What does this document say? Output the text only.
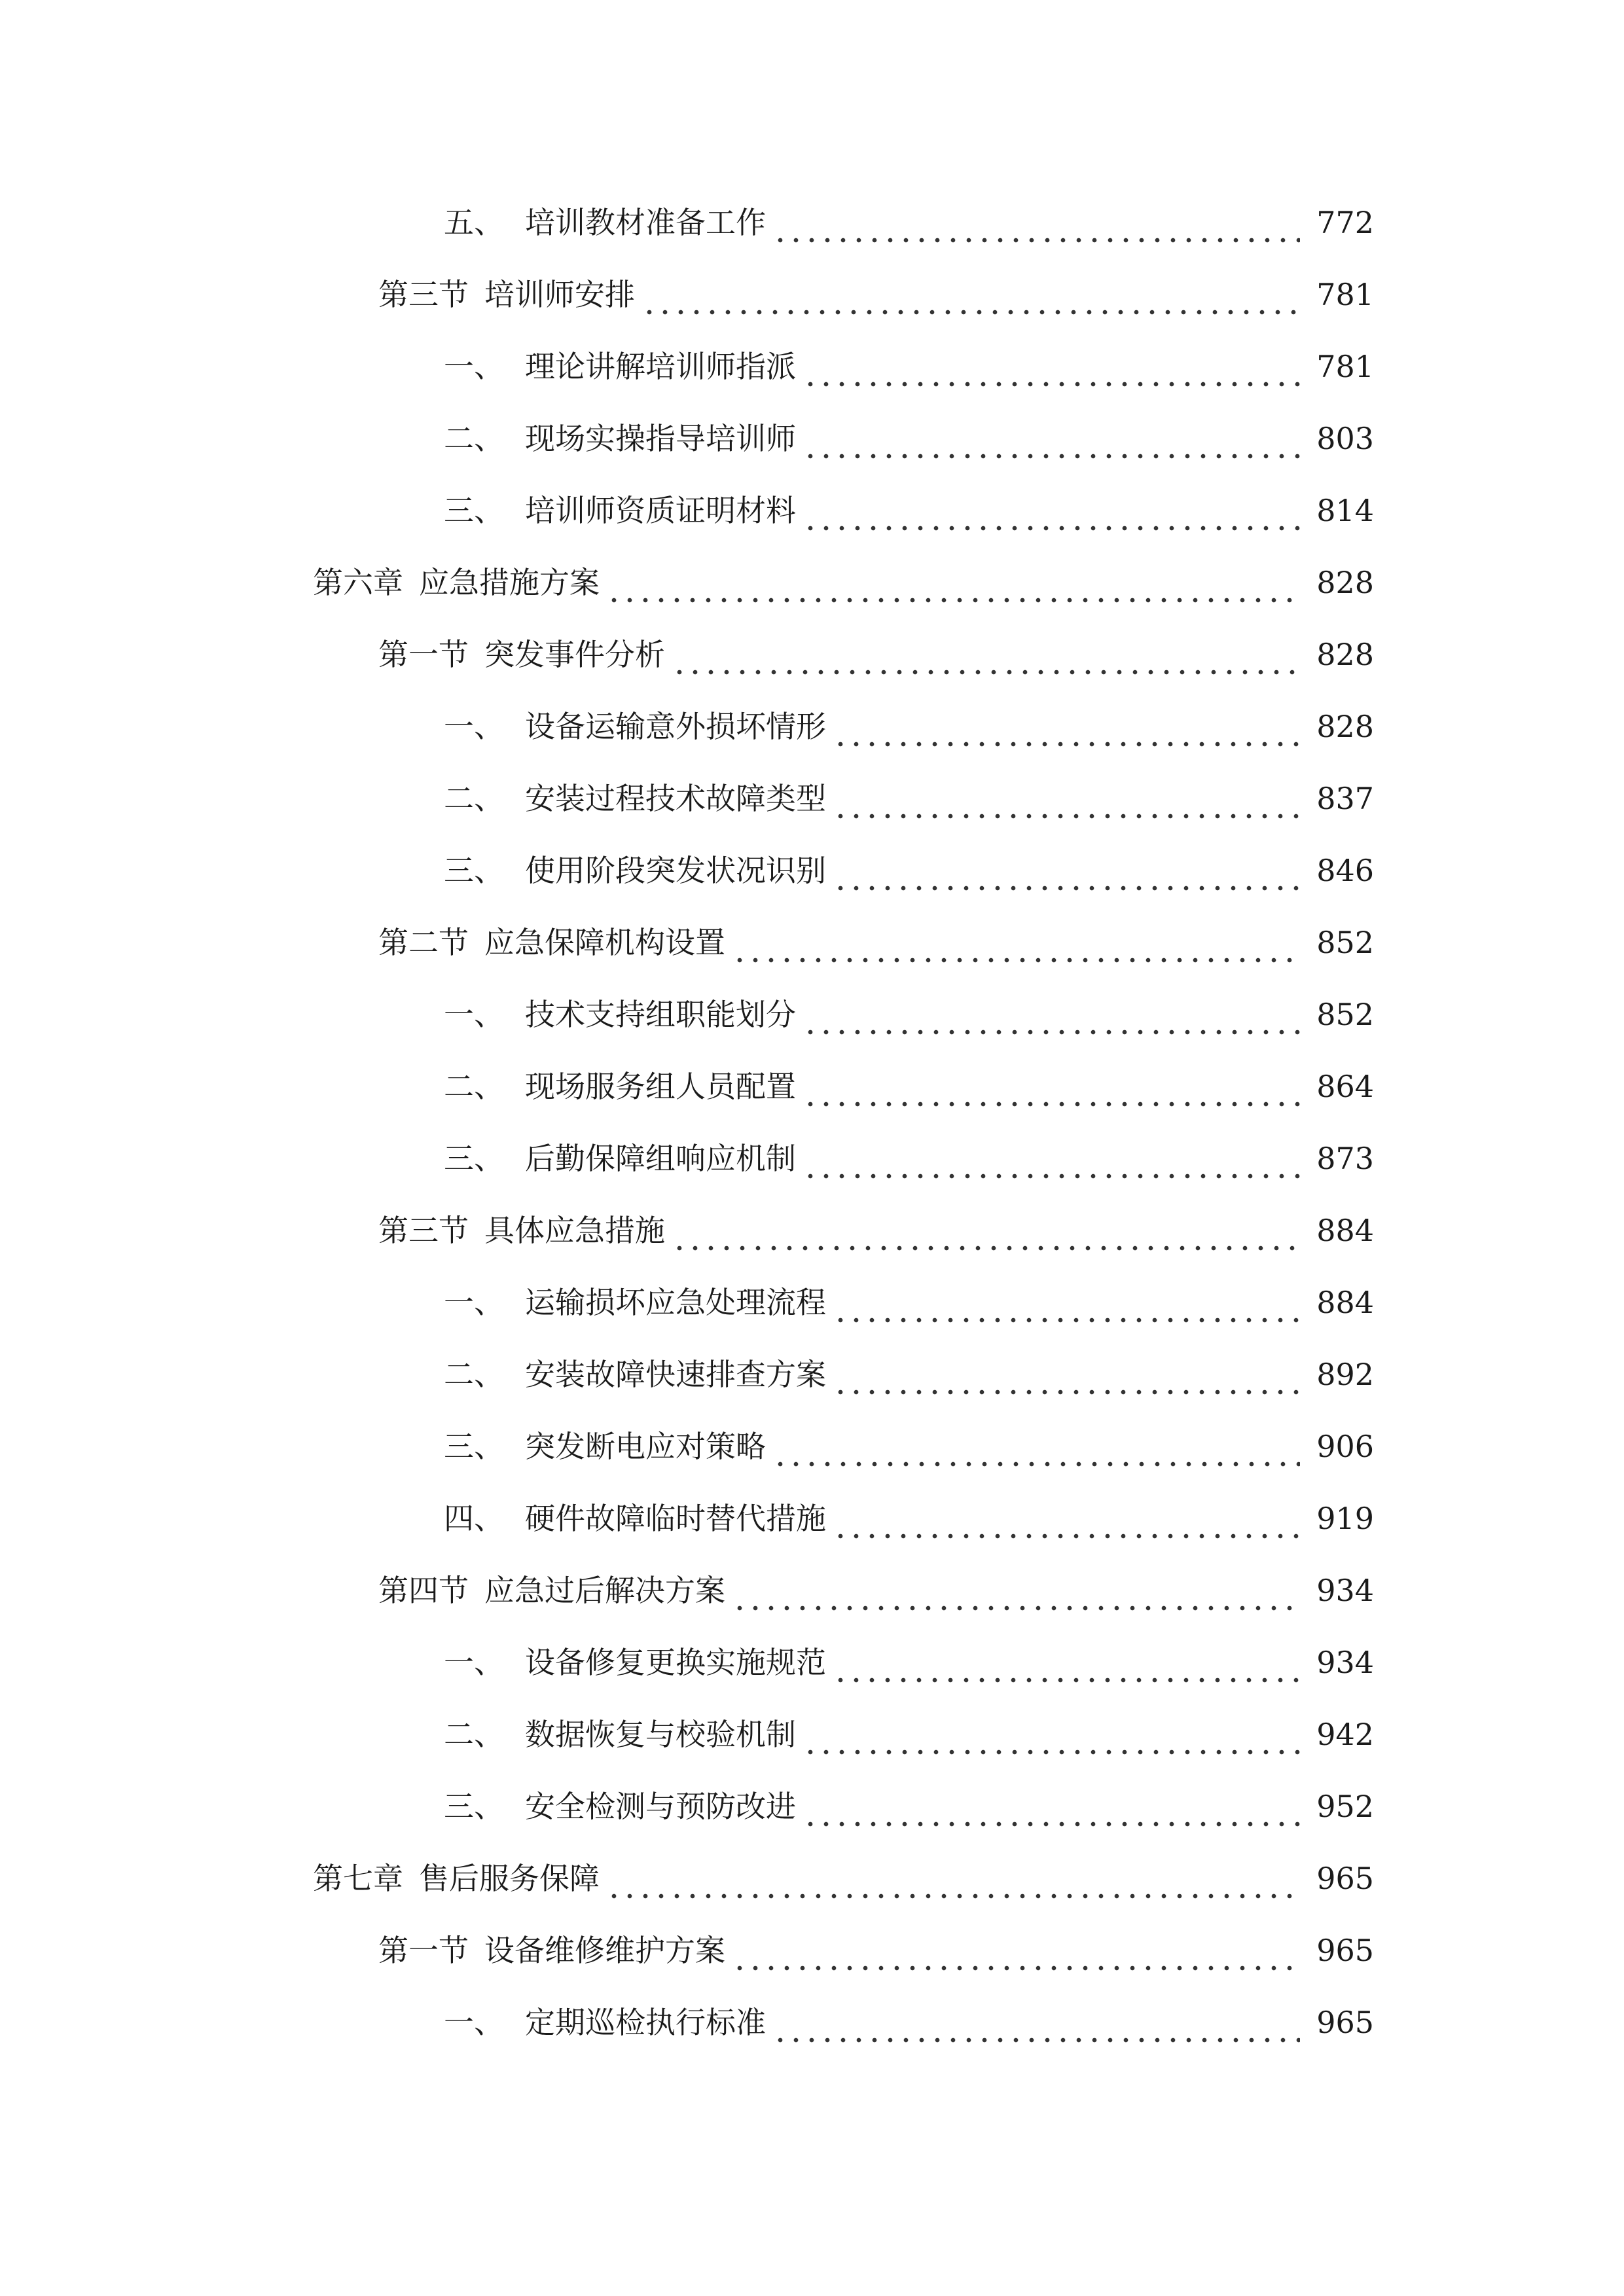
五、 培训教材准备工作	772
第三节 培训师安排	781
一、 理论讲解培训师指派	781
二、 现场实操指导培训师	803
三、 培训师资质证明材料	814
第六章 应急措施方案	828
第一节 突发事件分析	828
一、 设备运输意外损坏情形	828
二、 安装过程技术故障类型	837
三、 使用阶段突发状况识别	846
第二节 应急保障机构设置	852
一、 技术支持组职能划分	852
二、 现场服务组人员配置	864
三、 后勤保障组响应机制	873
第三节 具体应急措施	884
一、 运输损坏应急处理流程	884
二、 安装故障快速排查方案	892
三、 突发断电应对策略	906
四、 硬件故障临时替代措施	919
第四节 应急过后解决方案	934
一、 设备修复更换实施规范	934
二、 数据恢复与校验机制	942
三、 安全检测与预防改进	952
第七章 售后服务保障	965
第一节 设备维修维护方案	965
一、 定期巡检执行标准	965
